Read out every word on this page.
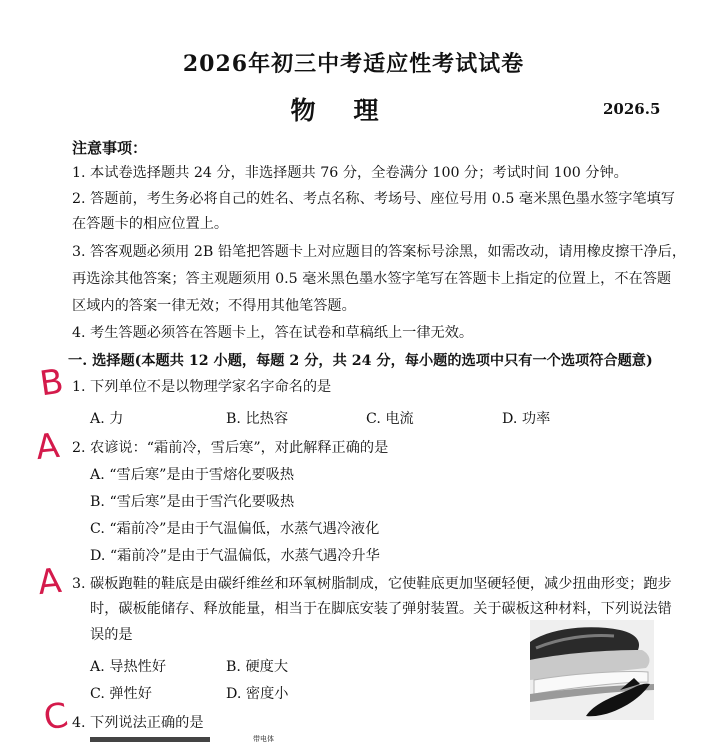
2026年初三中考适应性考试试卷
物理	2026.5
注意事项：
1. 本试卷选择题共 24 分，非选择题共 76 分，全卷满分 100 分；考试时间 100 分钟。
2. 答题前，考生务必将自己的姓名、考点名称、考场号、座位号用 0.5 毫米黑色墨水签字笔填写
在答题卡的相应位置上。
3. 答客观题必须用 2B 铅笔把答题卡上对应题目的答案标号涂黑，如需改动，请用橡皮擦干净后，
再选涂其他答案；答主观题须用 0.5 毫米黑色墨水签字笔写在答题卡上指定的位置上，不在答题
区域内的答案一律无效；不得用其他笔答题。
4. 考生答题必须答在答题卡上，答在试卷和草稿纸上一律无效。
一. 选择题(本题共 12 小题，每题 2 分，共 24 分，每小题的选项中只有一个选项符合题意)
B 1. 下列单位不是以物理学家名字命名的是
A. 力	B. 比热容	C. 电流	D. 功率
A 2. 农谚说：“霜前冷，雪后寒”，对此解释正确的是
A. “雪后寒”是由于雪熔化要吸热
B. “雪后寒”是由于雪汽化要吸热
C. “霜前冷”是由于气温偏低，水蒸气遇冷液化
D. “霜前冷”是由于气温偏低，水蒸气遇冷升华
A 3. 碳板跑鞋的鞋底是由碳纤维丝和环氧树脂制成，它使鞋底更加坚硬轻便，减少扭曲形变；跑步
时，碳板能储存、释放能量，相当于在脚底安装了弹射装置。关于碳板这种材料，下列说法错
误的是
A. 导热性好	B. 硬度大
C. 弹性好	D. 密度小
C 4. 下列说法正确的是
带电体
